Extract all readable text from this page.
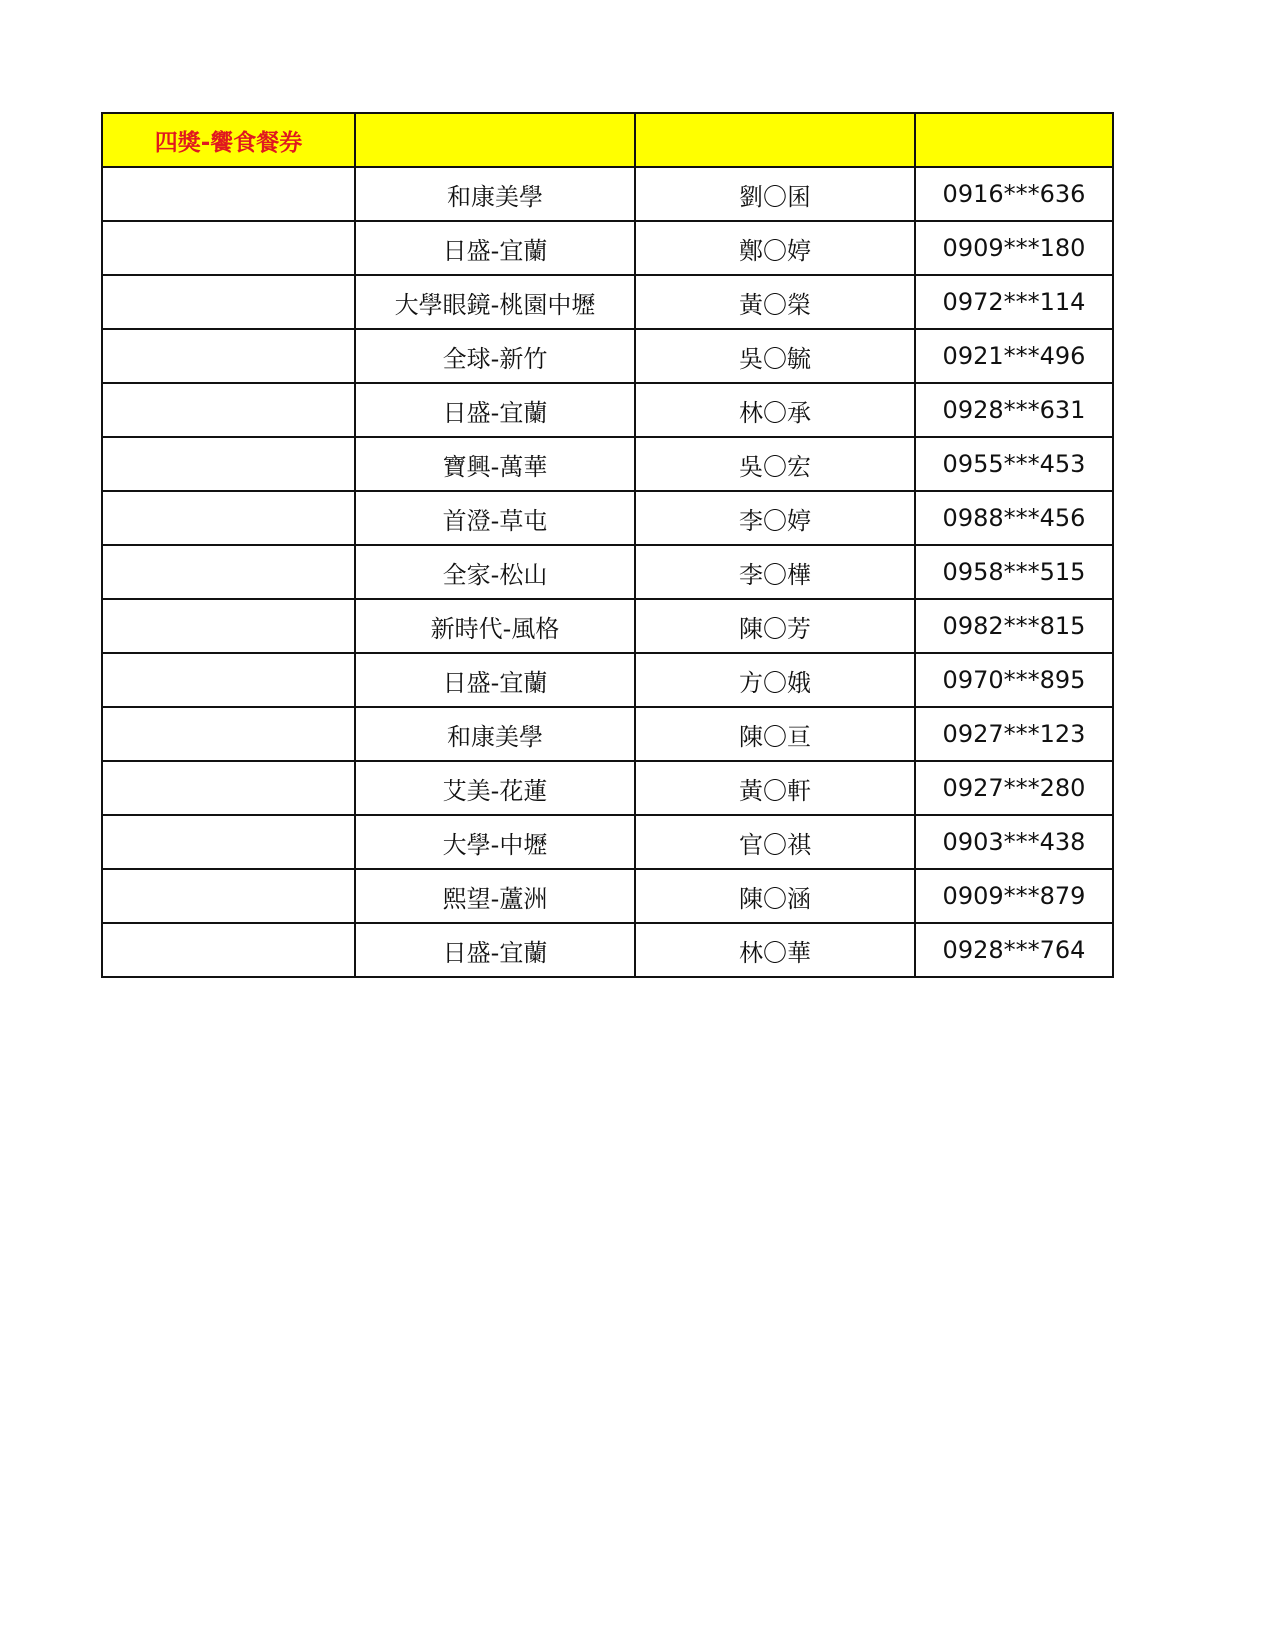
四獎-饗食餐券			
	和康美學	劉〇囷	0916***636
	日盛-宜蘭	鄭〇婷	0909***180
	大學眼鏡-桃園中壢	黃〇榮	0972***114
	全球-新竹	吳〇毓	0921***496
	日盛-宜蘭	林〇承	0928***631
	寶興-萬華	吳〇宏	0955***453
	首澄-草屯	李〇婷	0988***456
	全家-松山	李〇樺	0958***515
	新時代-風格	陳〇芳	0982***815
	日盛-宜蘭	方〇娥	0970***895
	和康美學	陳〇亘	0927***123
	艾美-花蓮	黃〇軒	0927***280
	大學-中壢	官〇祺	0903***438
	熙望-蘆洲	陳〇涵	0909***879
	日盛-宜蘭	林〇華	0928***764
